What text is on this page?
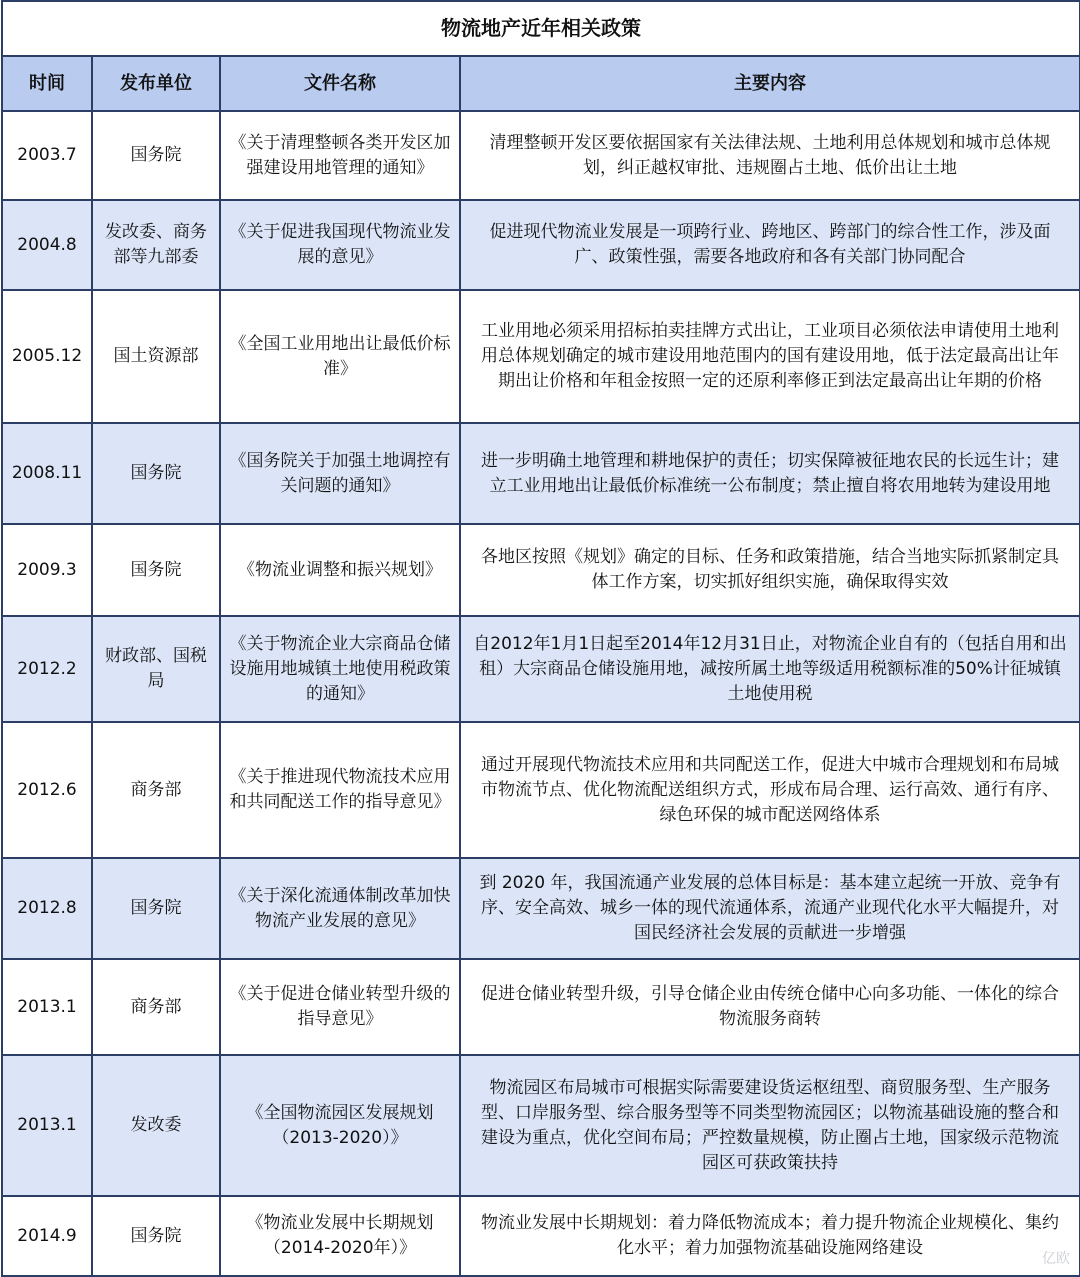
物流地产近年相关政策			
时间	发布单位	文件名称	主要内容
2003.7	国务院	《关于清理整顿各类开发区加强建设用地管理的通知》	清理整顿开发区要依据国家有关法律法规、土地利用总体规划和城市总体规划，纠正越权审批、违规圈占土地、低价出让土地
2004.8	发改委、商务部等九部委	《关于促进我国现代物流业发展的意见》	促进现代物流业发展是一项跨行业、跨地区、跨部门的综合性工作，涉及面广、政策性强，需要各地政府和各有关部门协同配合
2005.12	国土资源部	《全国工业用地出让最低价标准》	工业用地必须采用招标拍卖挂牌方式出让，工业项目必须依法申请使用土地利用总体规划确定的城市建设用地范围内的国有建设用地，低于法定最高出让年期出让价格和年租金按照一定的还原利率修正到法定最高出让年期的价格
2008.11	国务院	《国务院关于加强土地调控有关问题的通知》	进一步明确土地管理和耕地保护的责任；切实保障被征地农民的长远生计；建立工业用地出让最低价标准统一公布制度；禁止擅自将农用地转为建设用地
2009.3	国务院	《物流业调整和振兴规划》	各地区按照《规划》确定的目标、任务和政策措施，结合当地实际抓紧制定具体工作方案，切实抓好组织实施，确保取得实效
2012.2	财政部、国税局	《关于物流企业大宗商品仓储设施用地城镇土地使用税政策的通知》	自2012年1月1日起至2014年12月31日止，对物流企业自有的（包括自用和出租）大宗商品仓储设施用地，减按所属土地等级适用税额标准的50%计征城镇土地使用税
2012.6	商务部	《关于推进现代物流技术应用和共同配送工作的指导意见》	通过开展现代物流技术应用和共同配送工作，促进大中城市合理规划和布局城市物流节点、优化物流配送组织方式，形成布局合理、运行高效、通行有序、绿色环保的城市配送网络体系
2012.8	国务院	《关于深化流通体制改革加快物流产业发展的意见》	到 2020 年，我国流通产业发展的总体目标是：基本建立起统一开放、竞争有序、安全高效、城乡一体的现代流通体系，流通产业现代化水平大幅提升，对国民经济社会发展的贡献进一步增强
2013.1	商务部	《关于促进仓储业转型升级的指导意见》	促进仓储业转型升级，引导仓储企业由传统仓储中心向多功能、一体化的综合物流服务商转
2013.1	发改委	《全国物流园区发展规划（2013-2020）》	物流园区布局城市可根据实际需要建设货运枢纽型、商贸服务型、生产服务型、口岸服务型、综合服务型等不同类型物流园区；以物流基础设施的整合和建设为重点，优化空间布局；严控数量规模，防止圈占土地，国家级示范物流园区可获政策扶持
2014.9	国务院	《物流业发展中长期规划（2014-2020年）》	物流业发展中长期规划：着力降低物流成本；着力提升物流企业规模化、集约化水平；着力加强物流基础设施网络建设
亿欧
